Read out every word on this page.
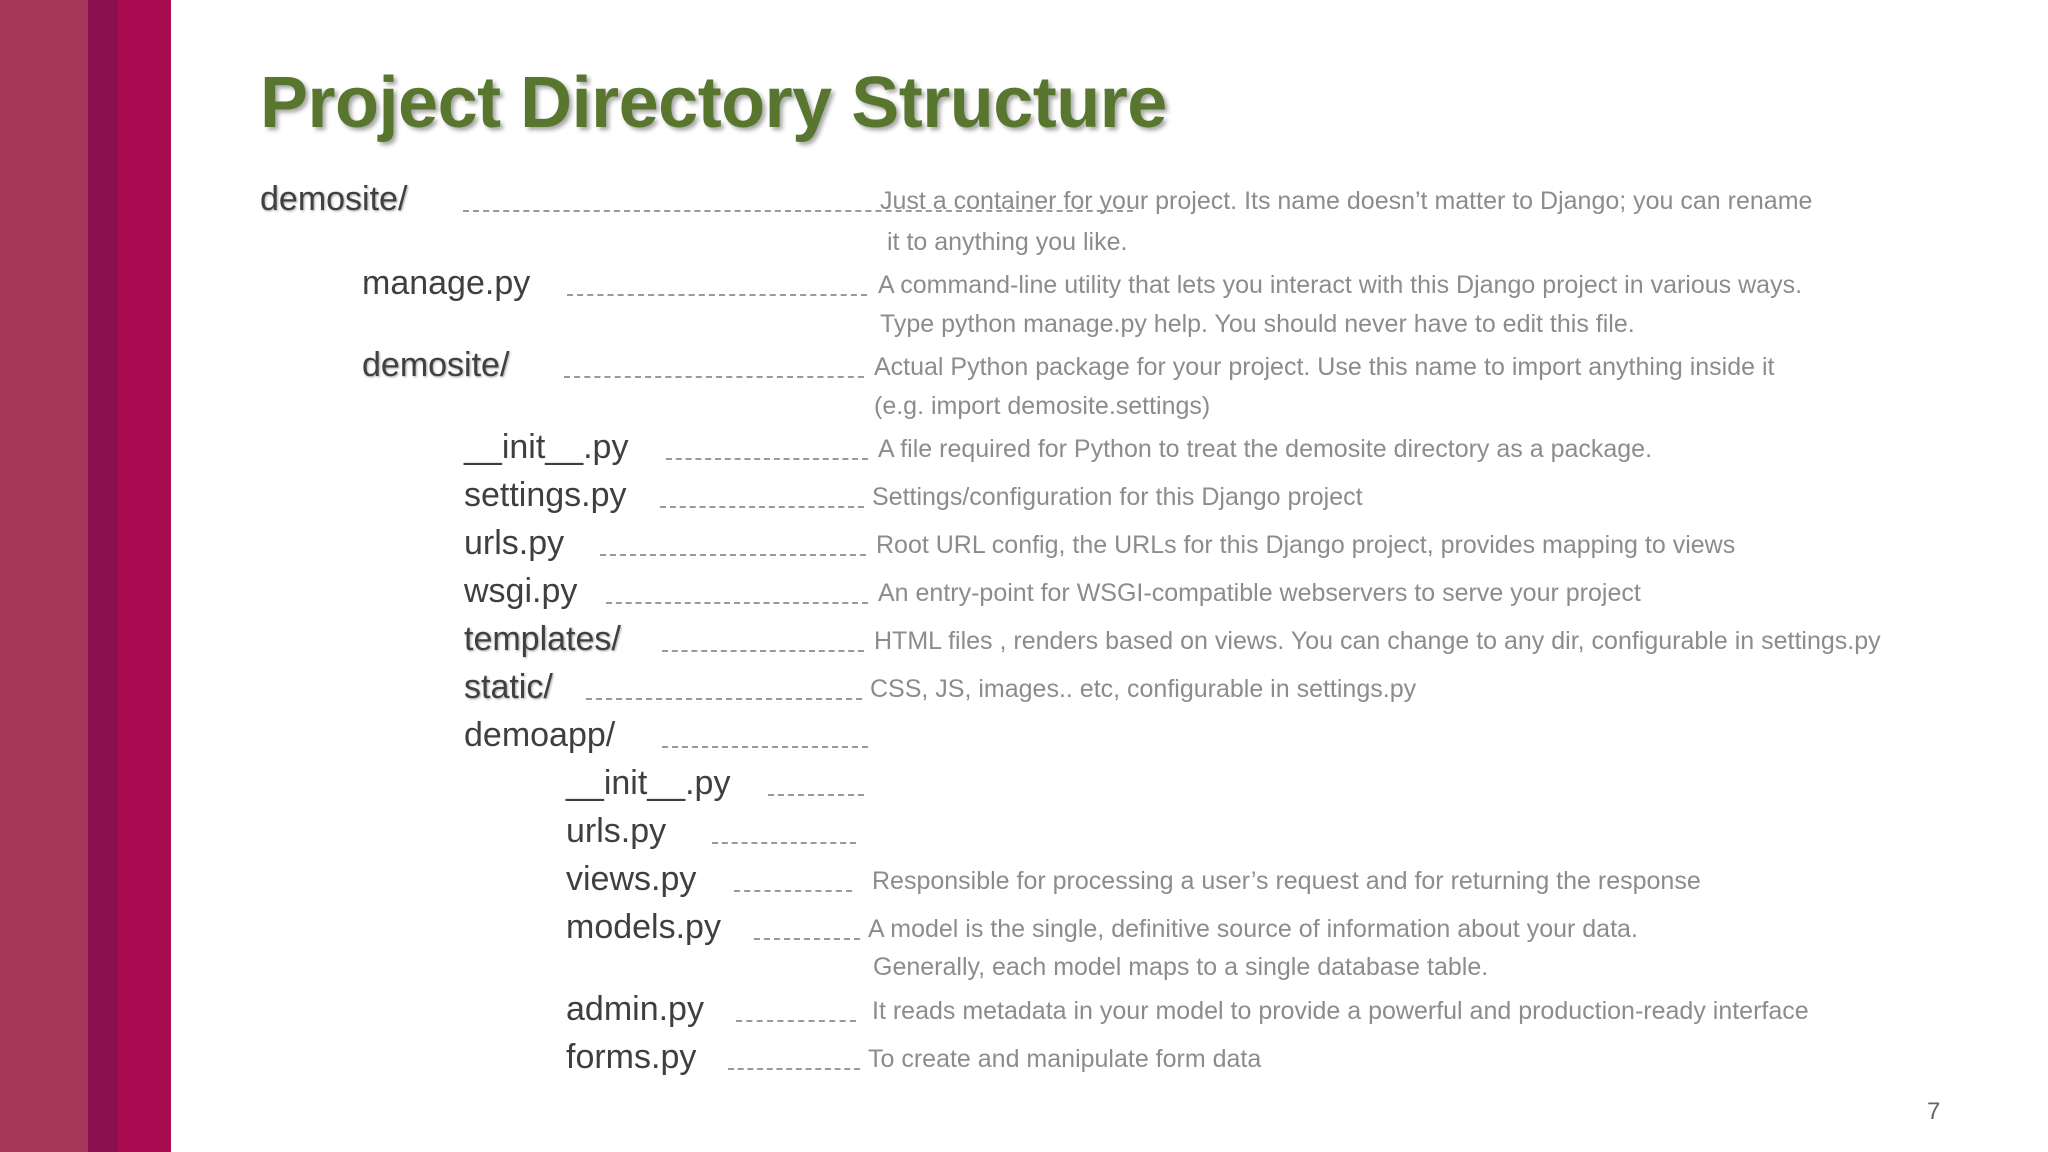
Project Directory Structure
demosite/	Just a container for your project. Its name doesn’t matter to Django; you can rename
it to anything you like.
manage.py	A command-line utility that lets you interact with this Django project in various ways.
Type python manage.py help. You should never have to edit this file.
demosite/	Actual Python package for your project. Use this name to import anything inside it
(e.g. import demosite.settings)
__init__.py	A file required for Python to treat the demosite directory as a package.
settings.py	Settings/configuration for this Django project
urls.py	Root URL config, the URLs for this Django project, provides mapping to views
wsgi.py	An entry-point for WSGI-compatible webservers to serve your project
templates/	HTML files , renders based on views. You can change to any dir, configurable in settings.py
static/	CSS, JS, images.. etc, configurable in settings.py
demoapp/
__init__.py
urls.py
views.py	Responsible for processing a user’s request and for returning the response
models.py	A model is the single, definitive source of information about your data.
Generally, each model maps to a single database table.
admin.py	It reads metadata in your model to provide a powerful and production-ready interface
forms.py	To create and manipulate form data
7
